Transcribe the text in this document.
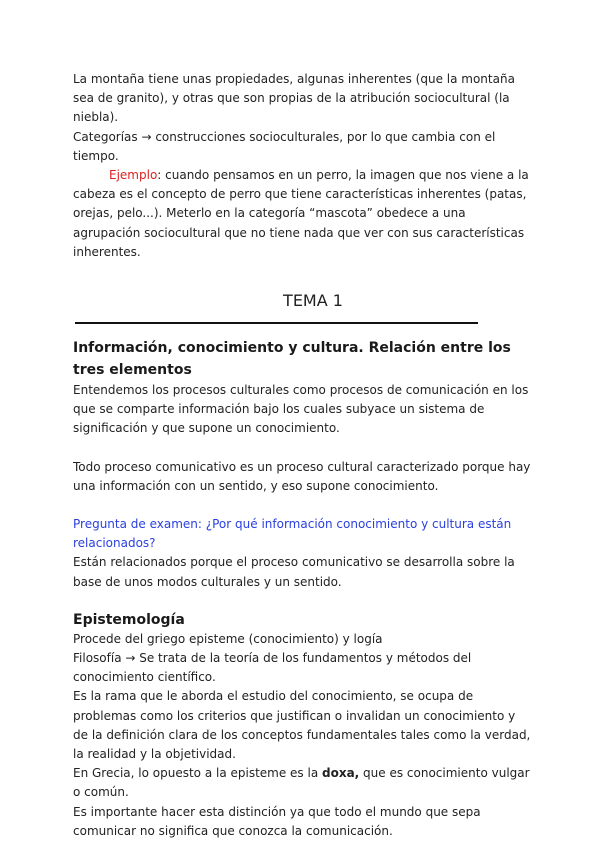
La montaña tiene unas propiedades, algunas inherentes (que la montaña sea de granito), y otras que son propias de la atribución sociocultural (la niebla).

Categorías → construcciones socioculturales, por lo que cambia con el tiempo.

Ejemplo: cuando pensamos en un perro, la imagen que nos viene a la cabeza es el concepto de perro que tiene características inherentes (patas, orejas, pelo...). Meterlo en la categoría “mascota” obedece a una agrupación sociocultural que no tiene nada que ver con sus características inherentes.

TEMA 1
Información, conocimiento y cultura. Relación entre los tres elementos

Entendemos los procesos culturales como procesos de comunicación en los que se comparte información bajo los cuales subyace un sistema de significación y que supone un conocimiento.

Todo proceso comunicativo es un proceso cultural caracterizado porque hay una información con un sentido, y eso supone conocimiento.

Pregunta de examen: ¿Por qué información conocimiento y cultura están relacionados?

Están relacionados porque el proceso comunicativo se desarrolla sobre la base de unos modos culturales y un sentido.

Epistemología

Procede del griego episteme (conocimiento) y logía

Filosofía → Se trata de la teoría de los fundamentos y métodos del conocimiento científico.

Es la rama que le aborda el estudio del conocimiento, se ocupa de problemas como los criterios que justifican o invalidan un conocimiento y de la definición clara de los conceptos fundamentales tales como la verdad, la realidad y la objetividad.

En Grecia, lo opuesto a la episteme es la doxa, que es conocimiento vulgar o común.

Es importante hacer esta distinción ya que todo el mundo que sepa comunicar no significa que conozca la comunicación.
